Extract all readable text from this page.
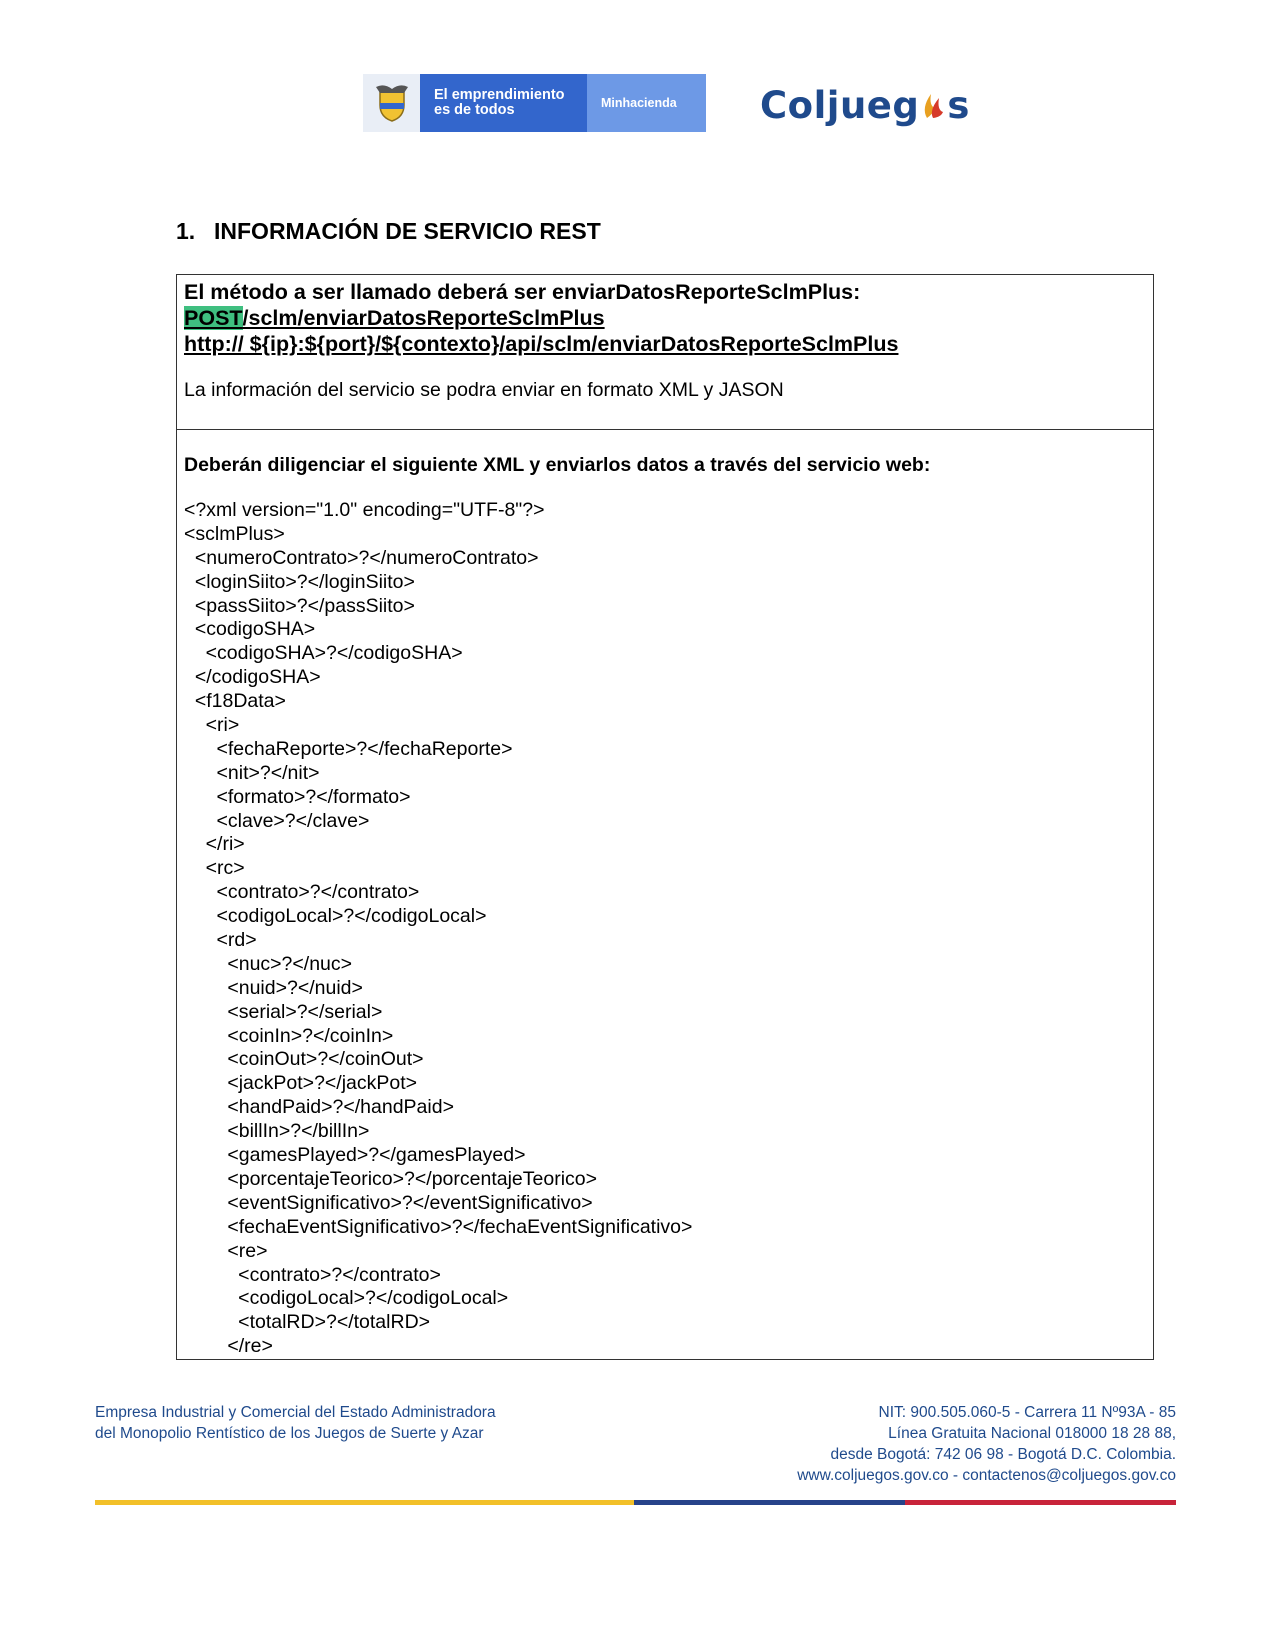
El emprendimiento
es de todos	Minhacienda	Coljueg s
1. INFORMACIÓN DE SERVICIO REST
El método a ser llamado deberá ser enviarDatosReporteSclmPlus:
POST/sclm/enviarDatosReporteSclmPlus
http:// ${ip}:${port}/${contexto}/api/sclm/enviarDatosReporteSclmPlus
La información del servicio se podra enviar en formato XML y JASON
Deberán diligenciar el siguiente XML y enviarlos datos a través del servicio web:
<?xml version="1.0" encoding="UTF-8"?>
<sclmPlus>
<numeroContrato>?</numeroContrato>
<loginSiito>?</loginSiito>
<passSiito>?</passSiito>
<codigoSHA>
<codigoSHA>?</codigoSHA>
</codigoSHA>
<f18Data>
<ri>
<fechaReporte>?</fechaReporte>
<nit>?</nit>
<formato>?</formato>
<clave>?</clave>
</ri>
<rc>
<contrato>?</contrato>
<codigoLocal>?</codigoLocal>
<rd>
<nuc>?</nuc>
<nuid>?</nuid>
<serial>?</serial>
<coinIn>?</coinIn>
<coinOut>?</coinOut>
<jackPot>?</jackPot>
<handPaid>?</handPaid>
<billIn>?</billIn>
<gamesPlayed>?</gamesPlayed>
<porcentajeTeorico>?</porcentajeTeorico>
<eventSignificativo>?</eventSignificativo>
<fechaEventSignificativo>?</fechaEventSignificativo>
<re>
<contrato>?</contrato>
<codigoLocal>?</codigoLocal>
<totalRD>?</totalRD>
</re>
Empresa Industrial y Comercial del Estado Administradora
del Monopolio Rentístico de los Juegos de Suerte y Azar
NIT: 900.505.060-5 - Carrera 11 Nº93A - 85
Línea Gratuita Nacional 018000 18 28 88,
desde Bogotá: 742 06 98 - Bogotá D.C. Colombia.
www.coljuegos.gov.co - contactenos@coljuegos.gov.co
